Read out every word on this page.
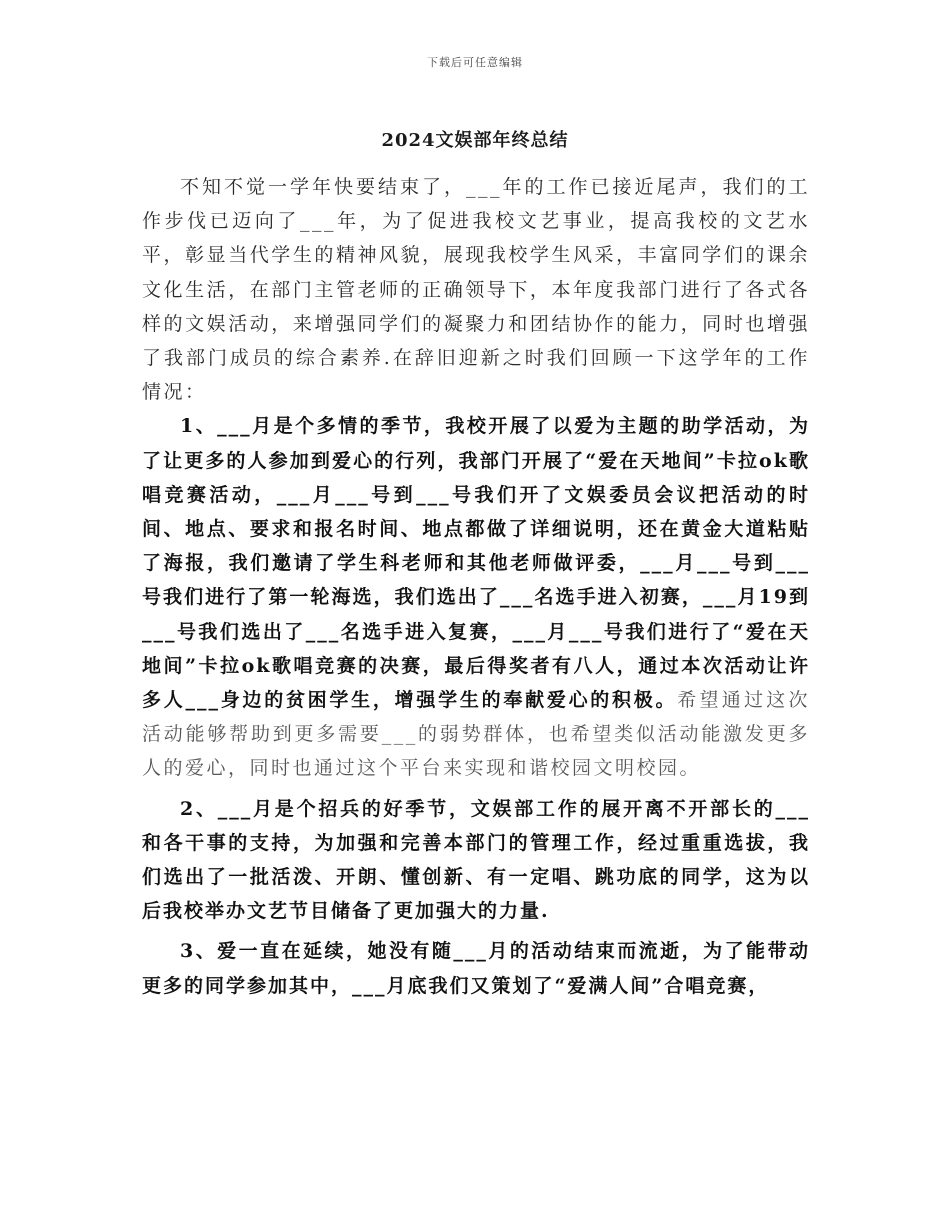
下载后可任意编辑
2024文娱部年终总结

不知不觉一学年快要结束了，___年的工作已接近尾声，我们的工作步伐已迈向了___年，为了促进我校文艺事业，提高我校的文艺水平，彰显当代学生的精神风貌，展现我校学生风采，丰富同学们的课余文化生活，在部门主管老师的正确领导下，本年度我部门进行了各式各样的文娱活动，来增强同学们的凝聚力和团结协作的能力，同时也增强了我部门成员的综合素养.在辞旧迎新之时我们回顾一下这学年的工作情况：

1、___月是个多情的季节，我校开展了以爱为主题的助学活动，为了让更多的人参加到爱心的行列，我部门开展了“爱在天地间”卡拉ok歌唱竞赛活动，___月___号到___号我们开了文娱委员会议把活动的时间、地点、要求和报名时间、地点都做了详细说明，还在黄金大道粘贴了海报，我们邀请了学生科老师和其他老师做评委，___月___号到___号我们进行了第一轮海选，我们选出了___名选手进入初赛，___月19到___号我们选出了___名选手进入复赛，___月___号我们进行了“爱在天地间”卡拉ok歌唱竞赛的决赛，最后得奖者有八人，通过本次活动让许多人___身边的贫困学生，增强学生的奉献爱心的积极。希望通过这次活动能够帮助到更多需要___的弱势群体，也希望类似活动能激发更多人的爱心，同时也通过这个平台来实现和谐校园文明校园。

2、___月是个招兵的好季节，文娱部工作的展开离不开部长的___和各干事的支持，为加强和完善本部门的管理工作，经过重重选拔，我们选出了一批活泼、开朗、懂创新、有一定唱、跳功底的同学，这为以后我校举办文艺节目储备了更加强大的力量.

3、爱一直在延续，她没有随___月的活动结束而流逝，为了能带动更多的同学参加其中，___月底我们又策划了“爱满人间”合唱竞赛，
